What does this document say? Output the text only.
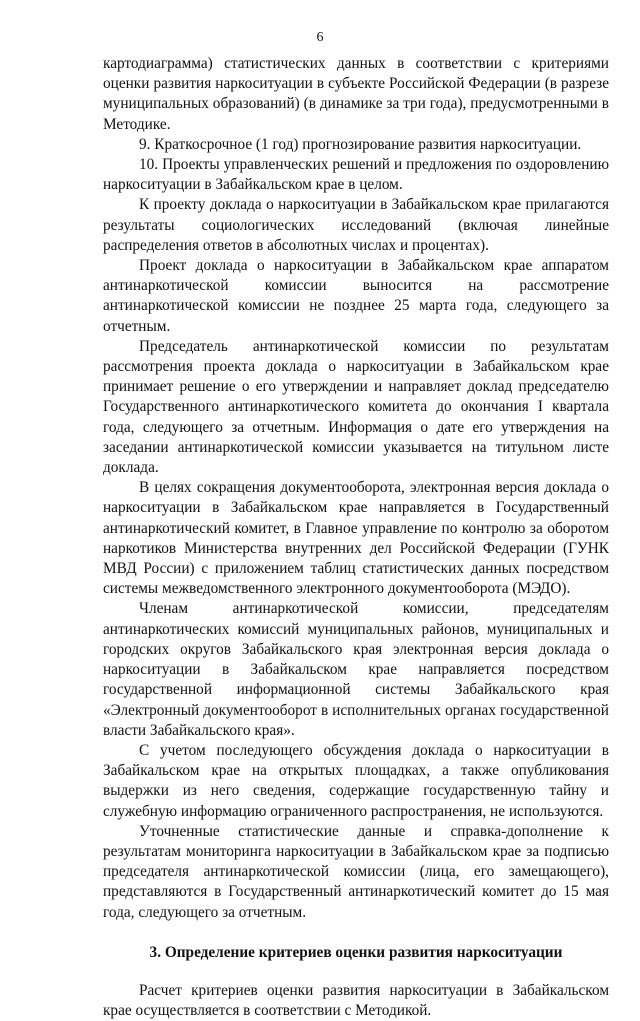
6

картодиаграмма) статистических данных в соответствии с критериями оценки развития наркоситуации в субъекте Российской Федерации (в разрезе муниципальных образований) (в динамике за три года), предусмотренными в Методике.

9. Краткосрочное (1 год) прогнозирование развития наркоситуации.

10. Проекты управленческих решений и предложения по оздоровлению наркоситуации в Забайкальском крае в целом.

К проекту доклада о наркоситуации в Забайкальском крае прилагаются результаты социологических исследований (включая линейные распределения ответов в абсолютных числах и процентах).

Проект доклада о наркоситуации в Забайкальском крае аппаратом антинаркотической комиссии выносится на рассмотрение антинаркотической комиссии не позднее 25 марта года, следующего за отчетным.

Председатель антинаркотической комиссии по результатам рассмотрения проекта доклада о наркоситуации в Забайкальском крае принимает решение о его утверждении и направляет доклад председателю Государственного антинаркотического комитета до окончания I квартала года, следующего за отчетным. Информация о дате его утверждения на заседании антинаркотической комиссии указывается на титульном листе доклада.

В целях сокращения документооборота, электронная версия доклада о наркоситуации в Забайкальском крае направляется в Государственный антинаркотический комитет, в Главное управление по контролю за оборотом наркотиков Министерства внутренних дел Российской Федерации (ГУНК МВД России) с приложением таблиц статистических данных посредством системы межведомственного электронного документооборота (МЭДО).

Членам антинаркотической комиссии, председателям антинаркотических комиссий муниципальных районов, муниципальных и городских округов Забайкальского края электронная версия доклада о наркоситуации в Забайкальском крае направляется посредством государственной информационной системы Забайкальского края «Электронный документооборот в исполнительных органах государственной власти Забайкальского края».

С учетом последующего обсуждения доклада о наркоситуации в Забайкальском крае на открытых площадках, а также опубликования выдержки из него сведения, содержащие государственную тайну и служебную информацию ограниченного распространения, не используются.

Уточненные статистические данные и справка-дополнение к результатам мониторинга наркоситуации в Забайкальском крае за подписью председателя антинаркотической комиссии (лица, его замещающего), представляются в Государственный антинаркотический комитет до 15 мая года, следующего за отчетным.

3. Определение критериев оценки развития наркоситуации

Расчет критериев оценки развития наркоситуации в Забайкальском крае осуществляется в соответствии с Методикой.
